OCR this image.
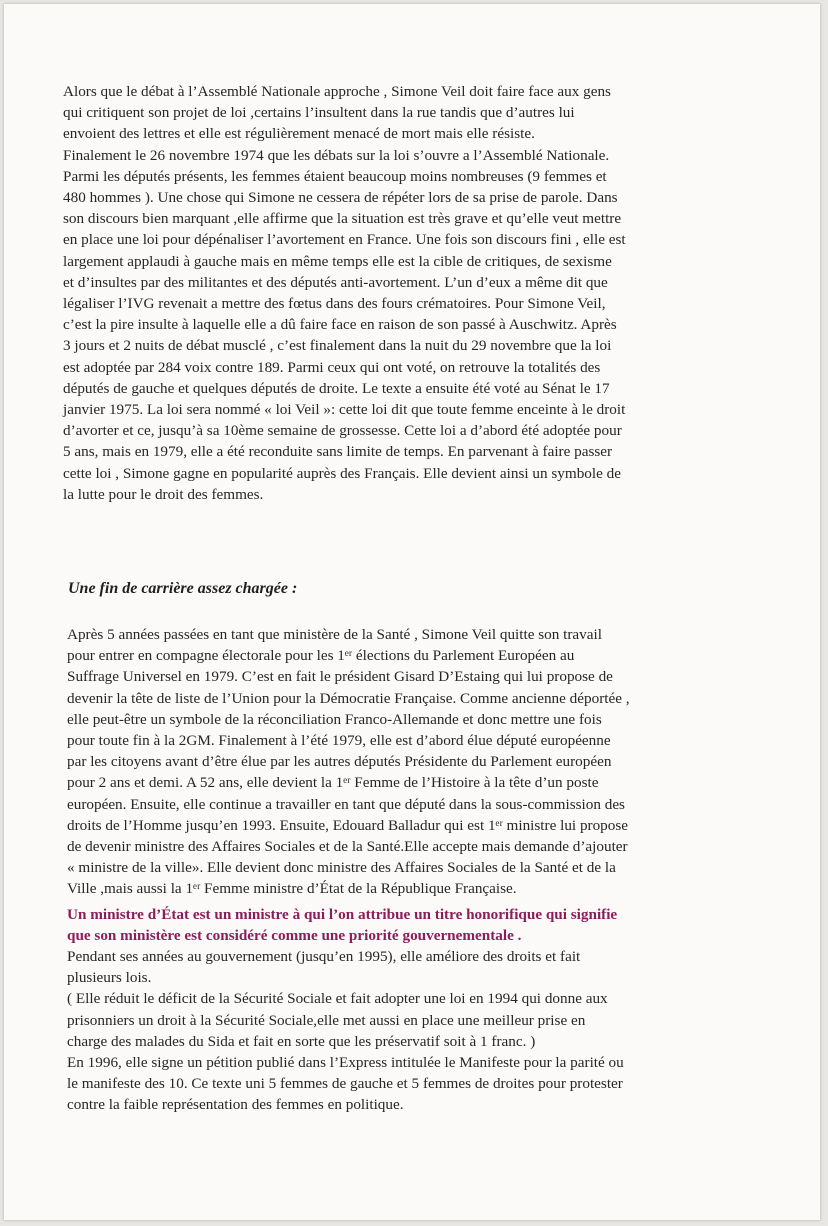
Alors que le débat à l’Assemblé Nationale approche , Simone Veil doit faire face aux gens
qui critiquent son projet de loi ,certains l’insultent dans la rue tandis que d’autres lui
envoient des lettres et elle est régulièrement menacé de mort mais elle résiste.
Finalement le 26 novembre 1974 que les débats sur la loi s’ouvre a l’Assemblé Nationale.
Parmi les députés présents, les femmes étaient beaucoup moins nombreuses (9 femmes et
480 hommes ). Une chose qui Simone ne cessera de répéter lors de sa prise de parole. Dans
son discours bien marquant ,elle affirme que la situation est très grave et qu’elle veut mettre
en place une loi pour dépénaliser l’avortement en France. Une fois son discours fini , elle est
largement applaudi à gauche mais en même temps elle est la cible de critiques, de sexisme
et d’insultes par des militantes et des députés anti-avortement. L’un d’eux a même dit que
légaliser l’IVG revenait a mettre des fœtus dans des fours crématoires. Pour Simone Veil,
c’est la pire insulte à laquelle elle a dû faire face en raison de son passé à Auschwitz. Après
3 jours et 2 nuits de débat musclé , c’est finalement dans la nuit du 29 novembre que la loi
est adoptée par 284 voix contre 189. Parmi ceux qui ont voté, on retrouve la totalités des
députés de gauche et quelques députés de droite. Le texte a ensuite été voté au Sénat le 17
janvier 1975. La loi sera nommé « loi Veil »: cette loi dit que toute femme enceinte à le droit
d’avorter et ce, jusqu’à sa 10ème semaine de grossesse. Cette loi a d’abord été adoptée pour
5 ans, mais en 1979, elle a été reconduite sans limite de temps. En parvenant à faire passer
cette loi , Simone gagne en popularité auprès des Français. Elle devient ainsi un symbole de
la lutte pour le droit des femmes.
Une fin de carrière assez chargée :
Après 5 années passées en tant que ministère de la Santé , Simone Veil quitte son travail
pour entrer en compagne électorale pour les 1ᵉʳ élections du Parlement Européen au
Suffrage Universel en 1979. C’est en fait le président Gisard D’Estaing qui lui propose de
devenir la tête de liste de l’Union pour la Démocratie Française. Comme ancienne déportée ,
elle peut-être un symbole de la réconciliation Franco-Allemande et donc mettre une fois
pour toute fin à la 2GM. Finalement à l’été 1979, elle est d’abord élue député européenne
par les citoyens avant d’être élue par les autres députés Présidente du Parlement européen
pour 2 ans et demi. A 52 ans, elle devient la 1ᵉʳ Femme de l’Histoire à la tête d’un poste
européen. Ensuite, elle continue a travailler en tant que député dans la sous-commission des
droits de l’Homme jusqu’en 1993. Ensuite, Edouard Balladur qui est 1ᵉʳ ministre lui propose
de devenir ministre des Affaires Sociales et de la Santé.Elle accepte mais demande d’ajouter
« ministre de la ville». Elle devient donc ministre des Affaires Sociales de la Santé et de la
Ville ,mais aussi la 1ᵉʳ Femme ministre d’État de la République Française.
Un ministre d’État est un ministre à qui l’on attribue un titre honorifique qui signifie
que son ministère est considéré comme une priorité gouvernementale .
Pendant ses années au gouvernement (jusqu’en 1995), elle améliore des droits et fait
plusieurs lois.
( Elle réduit le déficit de la Sécurité Sociale et fait adopter une loi en 1994 qui donne aux
prisonniers un droit à la Sécurité Sociale,elle met aussi en place une meilleur prise en
charge des malades du Sida et fait en sorte que les préservatif soit à 1 franc. )
En 1996, elle signe un pétition publié dans l’Express intitulée le Manifeste pour la parité ou
le manifeste des 10. Ce texte uni 5 femmes de gauche et 5 femmes de droites pour protester
contre la faible représentation des femmes en politique.
